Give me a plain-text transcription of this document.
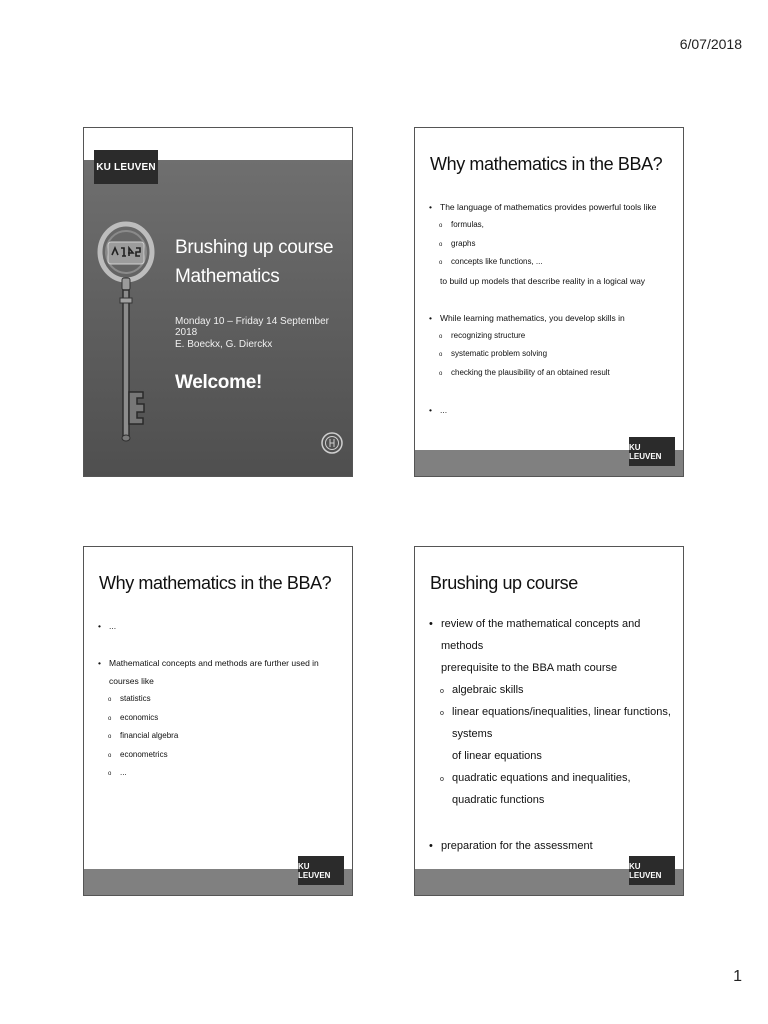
6/07/2018
KU LEUVEN
Brushing up course
Mathematics
Monday 10 – Friday 14 September 2018
E. Boeckx, G. Dierckx
Welcome!
Why mathematics in the BBA?
• The language of mathematics provides powerful tools like
o formulas,
o graphs
o concepts like functions, ...
to build up models that describe reality in a logical way
• While learning mathematics, you develop skills in
o recognizing structure
o systematic problem solving
o checking the plausibility of an obtained result
• ...
KU LEUVEN
Why mathematics in the BBA?
• ...
• Mathematical concepts and methods are further used in courses like
o statistics
o economics
o financial algebra
o econometrics
o ...
KU LEUVEN
Brushing up course
• review of the mathematical concepts and methods
prerequisite to the BBA math course
o algebraic skills
o linear equations/inequalities, linear functions, systems
of linear equations
o quadratic equations and inequalities, quadratic functions
• preparation for the assessment
KU LEUVEN
1
